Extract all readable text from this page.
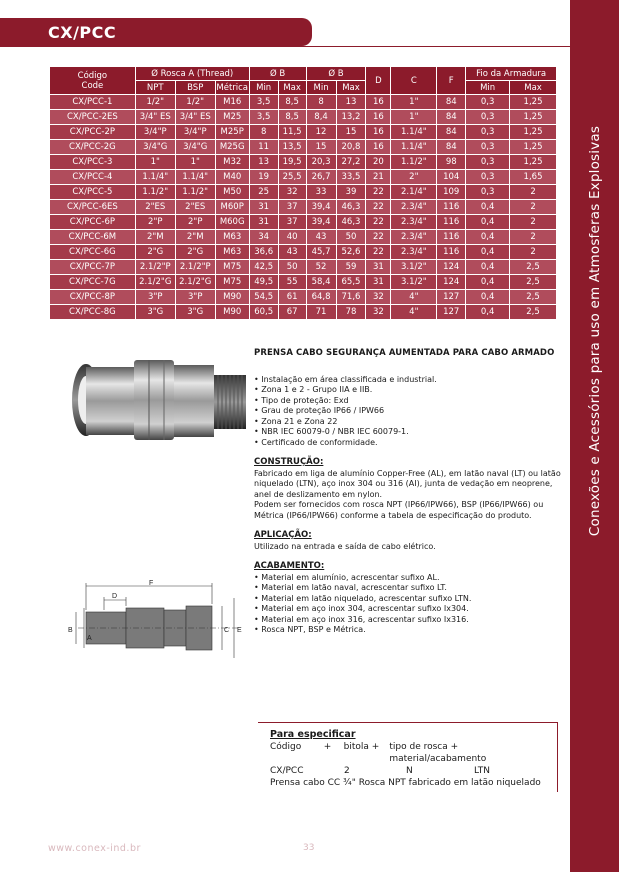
CX/PCC
Conexões e Acessórios para uso em Atmosferas Explosivas
Código
Code	Ø Rosca A (Thread)			Ø B		Ø B		D	C	F	Fio da Armadura	
	NPT	BSP	Métrica	Min	Max	Min	Max				Min	Max
CX/PCC-1	1/2"	1/2"	M16	3,5	8,5	8	13	16	1"	84	0,3	1,25
CX/PCC-2ES	3/4" ES	3/4" ES	M25	3,5	8,5	8,4	13,2	16	1"	84	0,3	1,25
CX/PCC-2P	3/4"P	3/4"P	M25P	8	11,5	12	15	16	1.1/4"	84	0,3	1,25
CX/PCC-2G	3/4"G	3/4"G	M25G	11	13,5	15	20,8	16	1.1/4"	84	0,3	1,25
CX/PCC-3	1"	1"	M32	13	19,5	20,3	27,2	20	1.1/2"	98	0,3	1,25
CX/PCC-4	1.1/4"	1.1/4"	M40	19	25,5	26,7	33,5	21	2"	104	0,3	1,65
CX/PCC-5	1.1/2"	1.1/2"	M50	25	32	33	39	22	2.1/4"	109	0,3	2
CX/PCC-6ES	2"ES	2"ES	M60P	31	37	39,4	46,3	22	2.3/4"	116	0,4	2
CX/PCC-6P	2"P	2"P	M60G	31	37	39,4	46,3	22	2.3/4"	116	0,4	2
CX/PCC-6M	2"M	2"M	M63	34	40	43	50	22	2.3/4"	116	0,4	2
CX/PCC-6G	2"G	2"G	M63	36,6	43	45,7	52,6	22	2.3/4"	116	0,4	2
CX/PCC-7P	2.1/2"P	2.1/2"P	M75	42,5	50	52	59	31	3.1/2"	124	0,4	2,5
CX/PCC-7G	2.1/2"G	2.1/2"G	M75	49,5	55	58,4	65,5	31	3.1/2"	124	0,4	2,5
CX/PCC-8P	3"P	3"P	M90	54,5	61	64,8	71,6	32	4"	127	0,4	2,5
CX/PCC-8G	3"G	3"G	M90	60,5	67	71	78	32	4"	127	0,4	2,5
PRENSA CABO SEGURANÇA AUMENTADA PARA CABO ARMADO
• Instalação em área classificada e industrial.
• Zona 1 e 2 - Grupo IIA e IIB.
• Tipo de proteção: Exd
• Grau de proteção IP66 / IPW66
• Zona 21 e Zona 22
• NBR IEC 60079-0 / NBR IEC 60079-1.
• Certificado de conformidade.
CONSTRUÇÃO:

Fabricado em liga de alumínio Copper-Free (AL), em latão naval (LT) ou latão niquelado (LTN), aço inox 304 ou 316 (AI), junta de vedação em neoprene, anel de deslizamento em nylon.

Podem ser fornecidos com rosca NPT (IP66/IPW66), BSP (IP66/IPW66) ou Métrica (IP66/IPW66) conforme a tabela de especificação do produto.

APLICAÇÃO:

Utilizado na entrada e saída de cabo elétrico.

ACABAMENTO:
• Material em alumínio, acrescentar sufixo AL.
• Material em latão naval, acrescentar sufixo LT.
• Material em latão niquelado, acrescentar sufixo LTN.
• Material em aço inox 304, acrescentar sufixo Ix304.
• Material em aço inox 316, acrescentar sufixo Ix316.
• Rosca NPT, BSP e Métrica.
F
D
B
A
C E
Para especificar
Código	+	bitola +	tipo de rosca + material/acabamento
CX/PCC	2	N	LTN
Prensa cabo CC ¾" Rosca NPT fabricado em latão niquelado
www.conex-ind.br	33
